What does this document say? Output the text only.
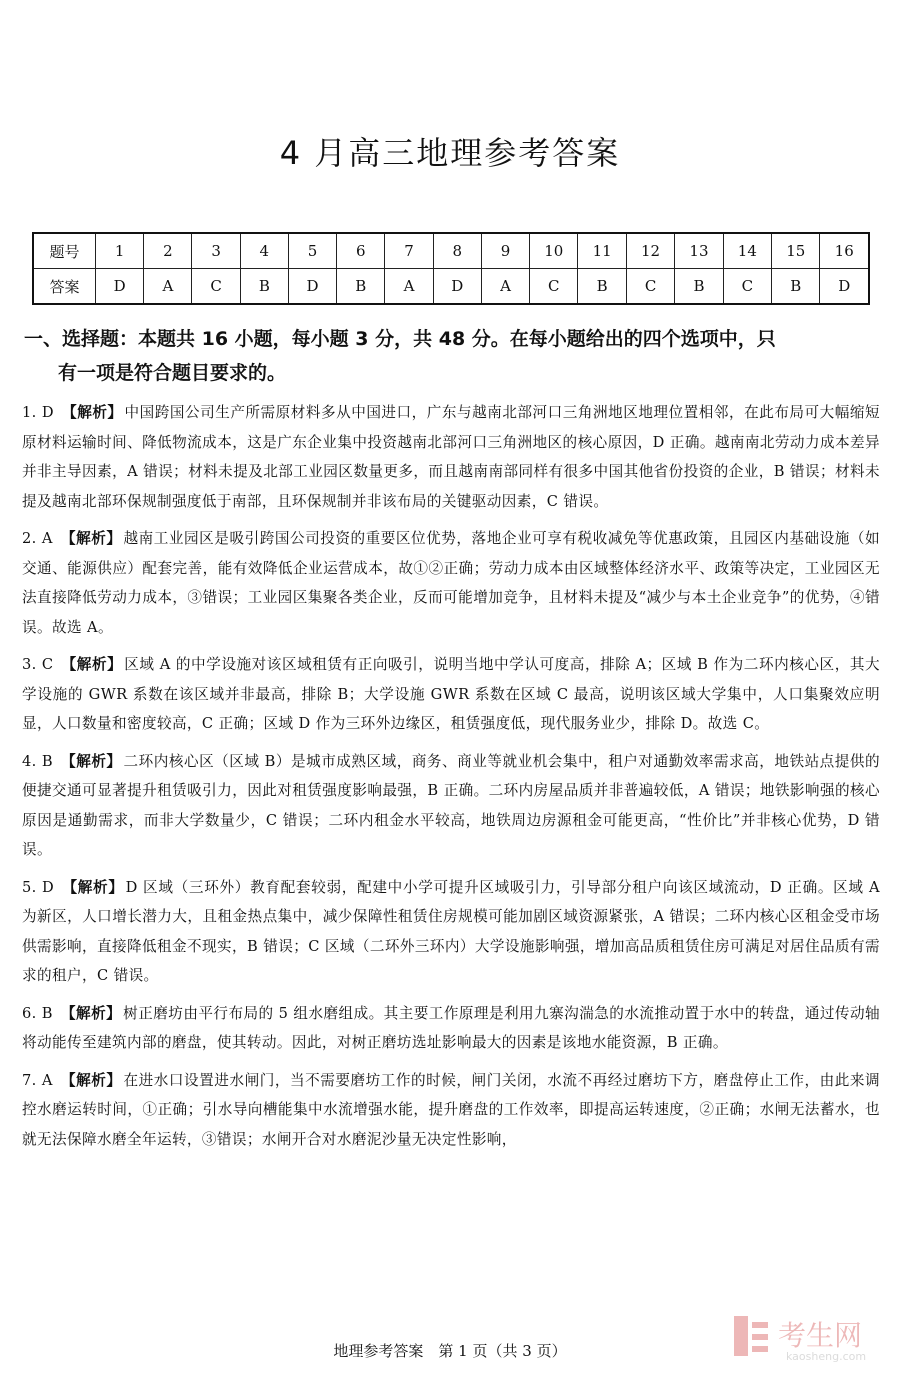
4 月高三地理参考答案
题号	1	2	3	4	5	6	7	8	9	10	11	12	13	14	15	16
答案	D	A	C	B	D	B	A	D	A	C	B	C	B	C	B	D
一、选择题：本题共 16 小题，每小题 3 分，共 48 分。在每小题给出的四个选项中，只
有一项是符合题目要求的。
1. D 【解析】 中国跨国公司生产所需原材料多从中国进口，广东与越南北部河口三角洲地区地理位置相邻，在此布局可大幅缩短原材料运输时间、降低物流成本，这是广东企业集中投资越南北部河口三角洲地区的核心原因，D 正确。越南南北劳动力成本差异并非主导因素，A 错误；材料未提及北部工业园区数量更多，而且越南南部同样有很多中国其他省份投资的企业，B 错误；材料未提及越南北部环保规制强度低于南部，且环保规制并非该布局的关键驱动因素，C 错误。
2. A 【解析】 越南工业园区是吸引跨国公司投资的重要区位优势，落地企业可享有税收减免等优惠政策，且园区内基础设施（如交通、能源供应）配套完善，能有效降低企业运营成本，故①②正确；劳动力成本由区域整体经济水平、政策等决定，工业园区无法直接降低劳动力成本，③错误；工业园区集聚各类企业，反而可能增加竞争，且材料未提及“减少与本土企业竞争”的优势，④错误。故选 A。
3. C 【解析】 区域 A 的中学设施对该区域租赁有正向吸引，说明当地中学认可度高，排除 A；区域 B 作为二环内核心区，其大学设施的 GWR 系数在该区域并非最高，排除 B；大学设施 GWR 系数在区域 C 最高，说明该区域大学集中，人口集聚效应明显，人口数量和密度较高，C 正确；区域 D 作为三环外边缘区，租赁强度低，现代服务业少，排除 D。故选 C。
4. B 【解析】 二环内核心区（区域 B）是城市成熟区域，商务、商业等就业机会集中，租户对通勤效率需求高，地铁站点提供的便捷交通可显著提升租赁吸引力，因此对租赁强度影响最强，B 正确。二环内房屋品质并非普遍较低，A 错误；地铁影响强的核心原因是通勤需求，而非大学数量少，C 错误；二环内租金水平较高，地铁周边房源租金可能更高，“性价比”并非核心优势，D 错误。
5. D 【解析】 D 区域（三环外）教育配套较弱，配建中小学可提升区域吸引力，引导部分租户向该区域流动，D 正确。区域 A 为新区，人口增长潜力大，且租金热点集中，减少保障性租赁住房规模可能加剧区域资源紧张，A 错误；二环内核心区租金受市场供需影响，直接降低租金不现实，B 错误；C 区域（二环外三环内）大学设施影响强，增加高品质租赁住房可满足对居住品质有需求的租户，C 错误。
6. B 【解析】 树正磨坊由平行布局的 5 组水磨组成。其主要工作原理是利用九寨沟湍急的水流推动置于水中的转盘，通过传动轴将动能传至建筑内部的磨盘，使其转动。因此，对树正磨坊选址影响最大的因素是该地水能资源，B 正确。
7. A 【解析】 在进水口设置进水闸门，当不需要磨坊工作的时候，闸门关闭，水流不再经过磨坊下方，磨盘停止工作，由此来调控水磨运转时间，①正确；引水导向槽能集中水流增强水能，提升磨盘的工作效率，即提高运转速度，②正确；水闸无法蓄水，也就无法保障水磨全年运转，③错误；水闸开合对水磨泥沙量无决定性影响，
地理参考答案　第 1 页（共 3 页）	考生网
kaosheng.com
